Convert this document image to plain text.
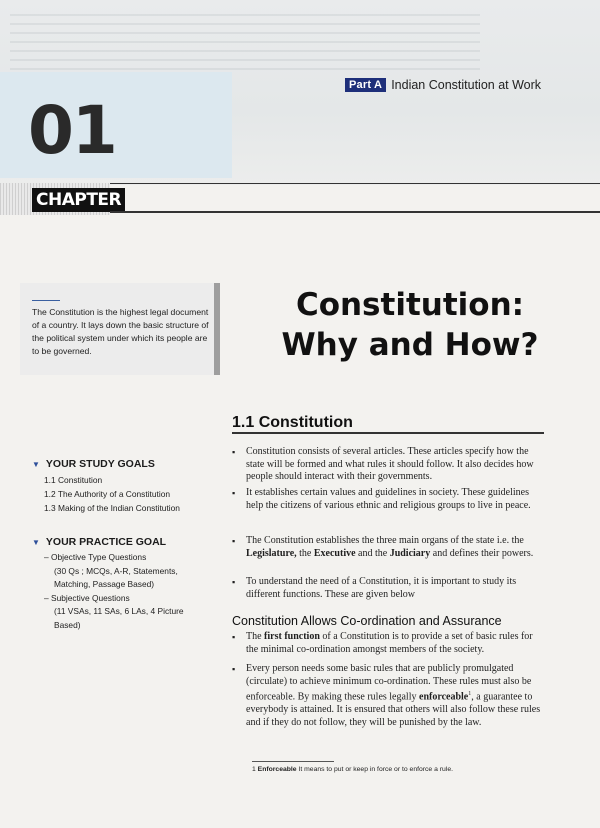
Part A Indian Constitution at Work
01
CHAPTER
The Constitution is the highest legal document of a country. It lays down the basic structure of the political system under which its people are to be governed.
Constitution:
Why and How?
▼ YOUR STUDY GOALS
1.1 Constitution
1.2 The Authority of a Constitution
1.3 Making of the Indian Constitution
▼ YOUR PRACTICE GOAL
– Objective Type Questions
(30 Qs ; MCQs, A-R, Statements,
Matching, Passage Based)
– Subjective Questions
(11 VSAs, 11 SAs, 6 LAs, 4 Picture
Based)
1.1 Constitution
▪ Constitution consists of several articles. These articles specify how the state will be formed and what rules it should follow. It also decides how people should interact with their governments.
▪ It establishes certain values and guidelines in society. These guidelines help the citizens of various ethnic and religious groups to live in peace.
▪ The Constitution establishes the three main organs of the state i.e. the Legislature, the Executive and the Judiciary and defines their powers.
▪ To understand the need of a Constitution, it is important to study its different functions. These are given below
Constitution Allows Co-ordination and Assurance
▪ The first function of a Constitution is to provide a set of basic rules for the minimal co-ordination amongst members of the society.
▪ Every person needs some basic rules that are publicly promulgated (circulate) to achieve minimum co-ordination. These rules must also be enforceable. By making these rules legally enforceable$^1$, a guarantee to everybody is attained. It is ensured that others will also follow these rules and if they do not follow, they will be punished by the law.
1 Enforceable It means to put or keep in force or to enforce a rule.
